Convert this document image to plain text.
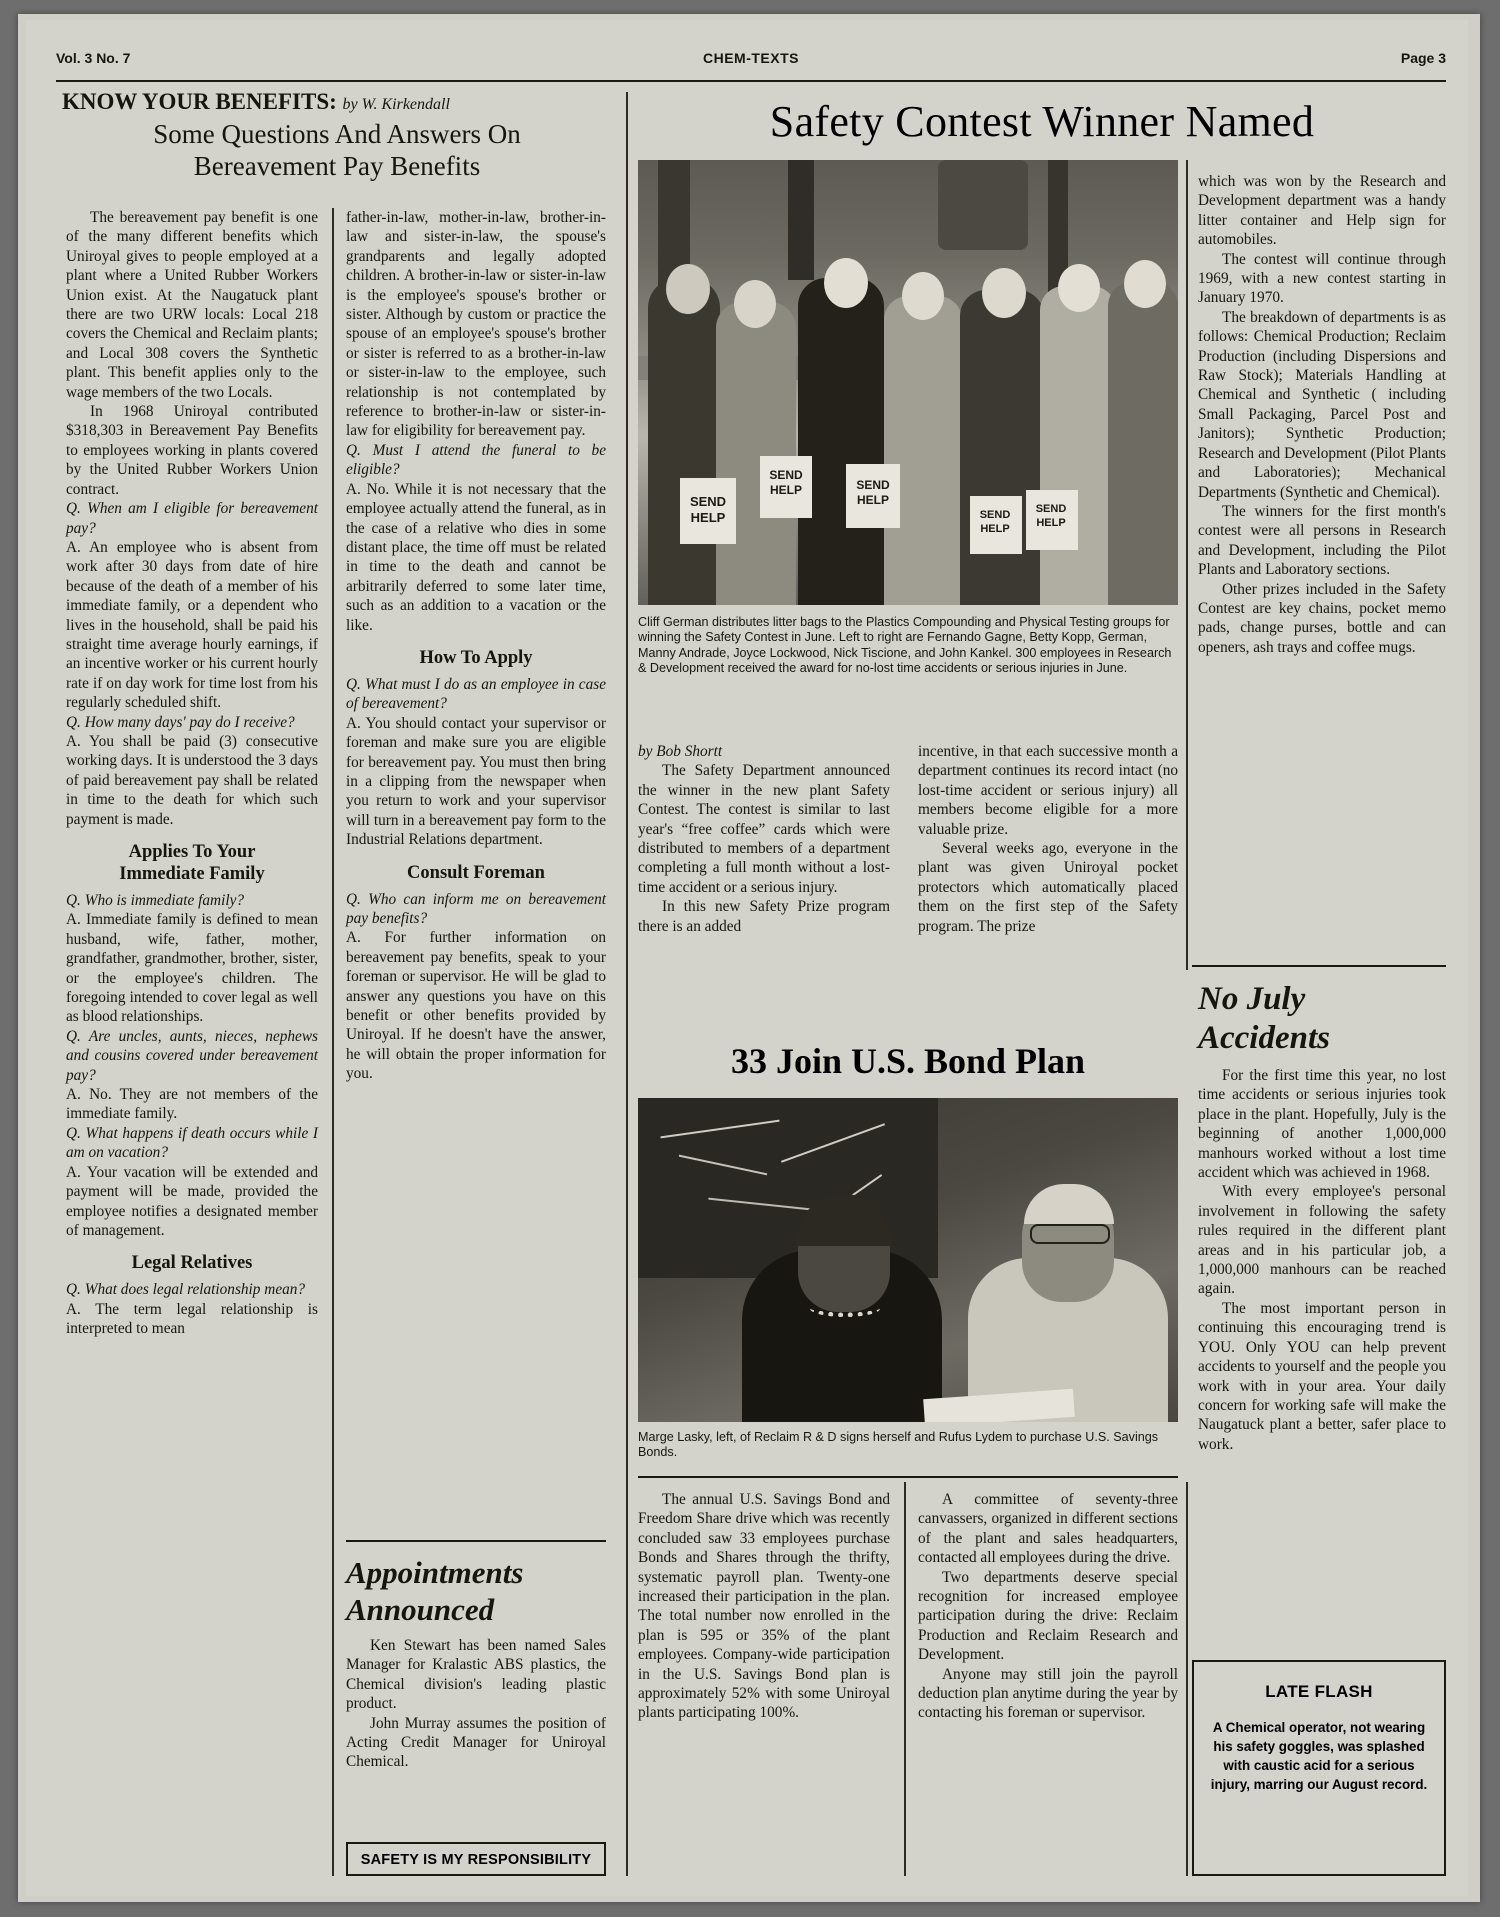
Vol. 3 No. 7	CHEM-TEXTS	Page 3
KNOW YOUR BENEFITS: by W. Kirkendall
Some Questions And Answers On
Bereavement Pay Benefits

The bereavement pay benefit is one of the many different benefits which Uniroyal gives to people employed at a plant where a United Rubber Workers Union exist. At the Naugatuck plant there are two URW locals: Local 218 covers the Chemical and Reclaim plants; and Local 308 covers the Synthetic plant. This benefit applies only to the wage members of the two Locals.

In 1968 Uniroyal contributed $318,303 in Bereavement Pay Benefits to employees working in plants covered by the United Rubber Workers Union contract.

Q. When am I eligible for bereavement pay?

A. An employee who is absent from work after 30 days from date of hire because of the death of a member of his immediate family, or a dependent who lives in the household, shall be paid his straight time average hourly earnings, if an incentive worker or his current hourly rate if on day work for time lost from his regularly scheduled shift.

Q. How many days' pay do I receive?

A. You shall be paid (3) consecutive working days. It is understood the 3 days of paid bereavement pay shall be related in time to the death for which such payment is made.

Applies To Your
Immediate Family

Q. Who is immediate family?

A. Immediate family is defined to mean husband, wife, father, mother, grandfather, grandmother, brother, sister, or the employee's children. The foregoing intended to cover legal as well as blood relationships.

Q. Are uncles, aunts, nieces, nephews and cousins covered under bereavement pay?

A. No. They are not members of the immediate family.

Q. What happens if death occurs while I am on vacation?

A. Your vacation will be extended and payment will be made, provided the employee notifies a designated member of management.

Legal Relatives

Q. What does legal relationship mean?

A. The term legal relationship is interpreted to mean

father-in-law, mother-in-law, brother-in-law and sister-in-law, the spouse's grandparents and legally adopted children. A brother-in-law or sister-in-law is the employee's spouse's brother or sister. Although by custom or practice the spouse of an employee's spouse's brother or sister is referred to as a brother-in-law or sister-in-law to the employee, such relationship is not contemplated by reference to brother-in-law or sister-in-law for eligibility for bereavement pay.

Q. Must I attend the funeral to be eligible?

A. No. While it is not necessary that the employee actually attend the funeral, as in the case of a relative who dies in some distant place, the time off must be related in time to the death and cannot be arbitrarily deferred to some later time, such as an addition to a vacation or the like.

How To Apply

Q. What must I do as an employee in case of bereavement?

A. You should contact your supervisor or foreman and make sure you are eligible for bereavement pay. You must then bring in a clipping from the newspaper when you return to work and your supervisor will turn in a bereavement pay form to the Industrial Relations department.

Consult Foreman

Q. Who can inform me on bereavement pay benefits?

A. For further information on bereavement pay benefits, speak to your foreman or supervisor. He will be glad to answer any questions you have on this benefit or other benefits provided by Uniroyal. If he doesn't have the answer, he will obtain the proper information for you.

Appointments
Announced

Ken Stewart has been named Sales Manager for Kralastic ABS plastics, the Chemical division's leading plastic product.

John Murray assumes the position of Acting Credit Manager for Uniroyal Chemical.

SAFETY IS MY RESPONSIBILITY
Safety Contest Winner Named
SEND
HELP
SEND
HELP	SEND
HELP
SEND
HELP
SEND
HELP
Cliff German distributes litter bags to the Plastics Compounding and Physical Testing groups for winning the Safety Contest in June. Left to right are Fernando Gagne, Betty Kopp, German, Manny Andrade, Joyce Lockwood, Nick Tiscione, and John Kankel. 300 employees in Research & Development received the award for no-lost time accidents or serious injuries in June.

by Bob Shortt

The Safety Department announced the winner in the new plant Safety Contest. The contest is similar to last year's “free coffee” cards which were distributed to members of a department completing a full month without a lost-time accident or a serious injury.

In this new Safety Prize program there is an added

incentive, in that each successive month a department continues its record intact (no lost-time accident or serious injury) all members become eligible for a more valuable prize.

Several weeks ago, everyone in the plant was given Uniroyal pocket protectors which automatically placed them on the first step of the Safety program. The prize

which was won by the Research and Development department was a handy litter container and Help sign for automobiles.

The contest will continue through 1969, with a new contest starting in January 1970.

The breakdown of departments is as follows: Chemical Production; Reclaim Production (including Dispersions and Raw Stock); Materials Handling at Chemical and Synthetic ( including Small Packaging, Parcel Post and Janitors); Synthetic Production; Research and Development (Pilot Plants and Laboratories); Mechanical Departments (Synthetic and Chemical).

The winners for the first month's contest were all persons in Research and Development, including the Pilot Plants and Laboratory sections.

Other prizes included in the Safety Contest are key chains, pocket memo pads, change purses, bottle and can openers, ash trays and coffee mugs.

No July
Accidents

For the first time this year, no lost time accidents or serious injuries took place in the plant. Hopefully, July is the beginning of another 1,000,000 manhours worked without a lost time accident which was achieved in 1968.

With every employee's personal involvement in following the safety rules required in the different plant areas and in his particular job, a 1,000,000 manhours can be reached again.

The most important person in continuing this encouraging trend is YOU. Only YOU can help prevent accidents to yourself and the people you work with in your area. Your daily concern for working safe will make the Naugatuck plant a better, safer place to work.

LATE FLASH
A Chemical operator, not wearing his safety goggles, was splashed with caustic acid for a serious injury, marring our August record.
33 Join U.S. Bond Plan
Marge Lasky, left, of Reclaim R & D signs herself and Rufus Lydem to purchase U.S. Savings Bonds.

The annual U.S. Savings Bond and Freedom Share drive which was recently concluded saw 33 employees purchase Bonds and Shares through the thrifty, systematic payroll plan. Twenty-one increased their participation in the plan. The total number now enrolled in the plan is 595 or 35% of the plant employees. Company-wide participation in the U.S. Savings Bond plan is approximately 52% with some Uniroyal plants participating 100%.

A committee of seventy-three canvassers, organized in different sections of the plant and sales headquarters, contacted all employees during the drive.

Two departments deserve special recognition for increased employee participation during the drive: Reclaim Production and Reclaim Research and Development.

Anyone may still join the payroll deduction plan anytime during the year by contacting his foreman or supervisor.
